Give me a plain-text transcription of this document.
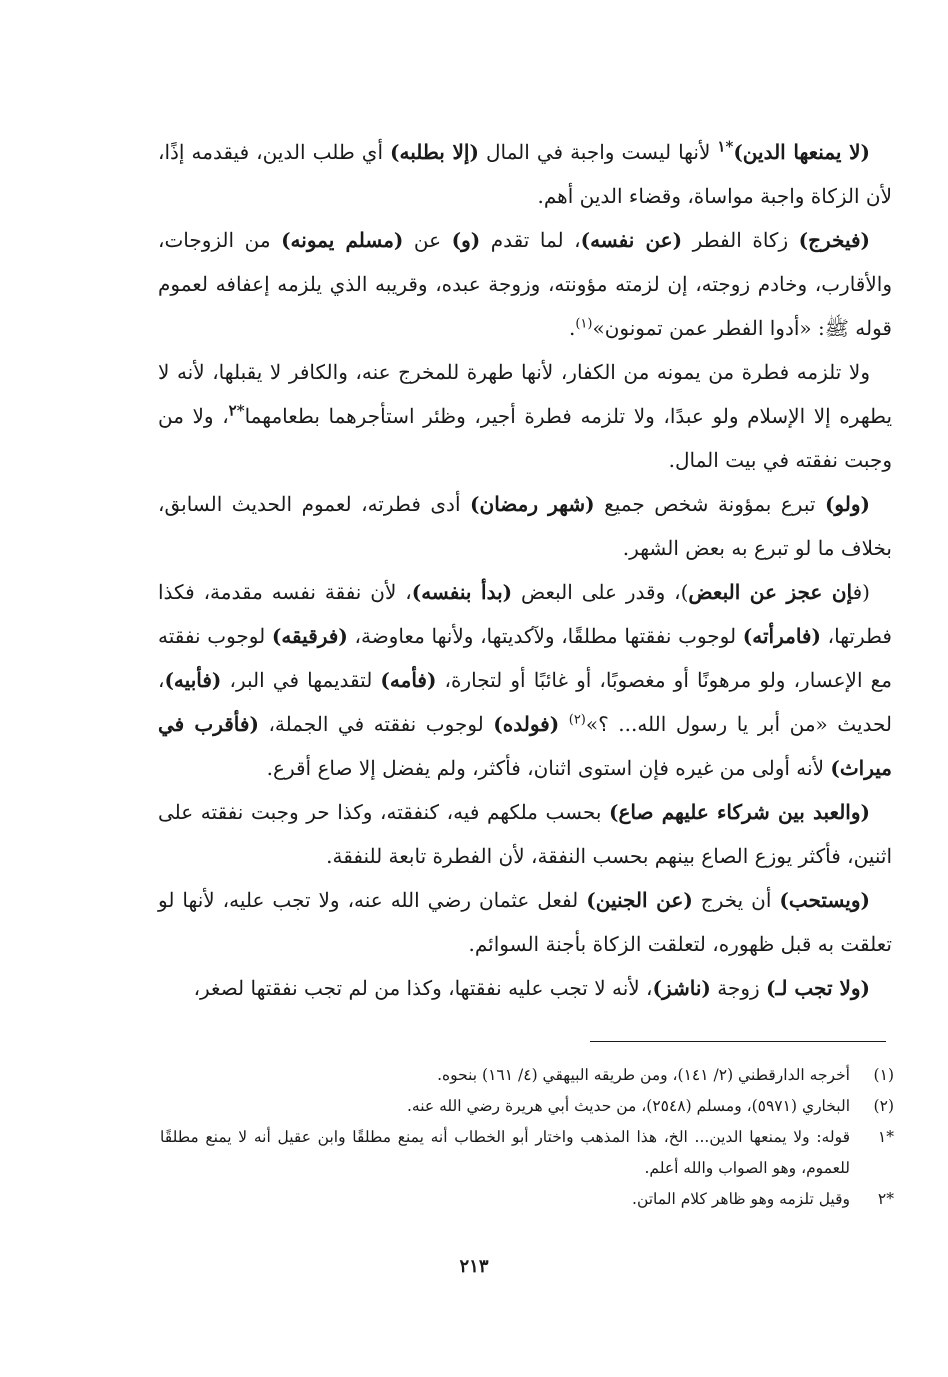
(لا يمنعها الدين)$^{*١}$ لأنها ليست واجبة في المال (إلا بطلبه) أي طلب الدين، فيقدمه إذًا، لأن الزكاة واجبة مواساة، وقضاء الدين أهم.

(فيخرج) زكاة الفطر (عن نفسه)، لما تقدم (و) عن (مسلم يمونه) من الزوجات، والأقارب، وخادم زوجته، إن لزمته مؤونته، وزوجة عبده، وقريبه الذي يلزمه إعفافه لعموم قوله ﷺ: «أدوا الفطر عمن تمونون»$^{(١)}$.

ولا تلزمه فطرة من يمونه من الكفار، لأنها طهرة للمخرج عنه، والكافر لا يقبلها، لأنه لا يطهره إلا الإسلام ولو عبدًا، ولا تلزمه فطرة أجير، وظئر استأجرهما بطعامهما$^{*٢}$، ولا من وجبت نفقته في بيت المال.

(ولو) تبرع بمؤونة شخص جميع (شهر رمضان) أدى فطرته، لعموم الحديث السابق، بخلاف ما لو تبرع به بعض الشهر.

(فإن عجز عن البعض)، وقدر على البعض (بدأ بنفسه)، لأن نفقة نفسه مقدمة، فكذا فطرتها، (فامرأته) لوجوب نفقتها مطلقًا، ولآكديتها، ولأنها معاوضة، (فرقيقه) لوجوب نفقته مع الإعسار، ولو مرهونًا أو مغصوبًا، أو غائبًا أو لتجارة، (فأمه) لتقديمها في البر، (فأبيه)، لحديث «من أبر يا رسول الله... ؟»$^{(٢)}$ (فولده) لوجوب نفقته في الجملة، (فأقرب في ميراث) لأنه أولى من غيره فإن استوى اثنان، فأكثر، ولم يفضل إلا صاع أقرع.

(والعبد بين شركاء عليهم صاع) بحسب ملكهم فيه، كنفقته، وكذا حر وجبت نفقته على اثنين، فأكثر يوزع الصاع بينهم بحسب النفقة، لأن الفطرة تابعة للنفقة.

(ويستحب) أن يخرج (عن الجنين) لفعل عثمان رضي الله عنه، ولا تجب عليه، لأنها لو تعلقت به قبل ظهوره، لتعلقت الزكاة بأجنة السوائم.

(ولا تجب لـ) زوجة (ناشز)، لأنه لا تجب عليه نفقتها، وكذا من لم تجب نفقتها لصغر،

(١)
أخرجه الدارقطني (٢/ ١٤١)، ومن طريقه البيهقي (٤/ ١٦١) بنحوه.
(٢)
البخاري (٥٩٧١)، ومسلم (٢٥٤٨)، من حديث أبي هريرة رضي الله عنه.
*١
قوله: ولا يمنعها الدين... الخ، هذا المذهب واختار أبو الخطاب أنه يمنع مطلقًا وابن عقيل أنه لا يمنع مطلقًا للعموم، وهو الصواب والله أعلم.
*٢
وقيل تلزمه وهو ظاهر كلام الماتن.
٢١٣
